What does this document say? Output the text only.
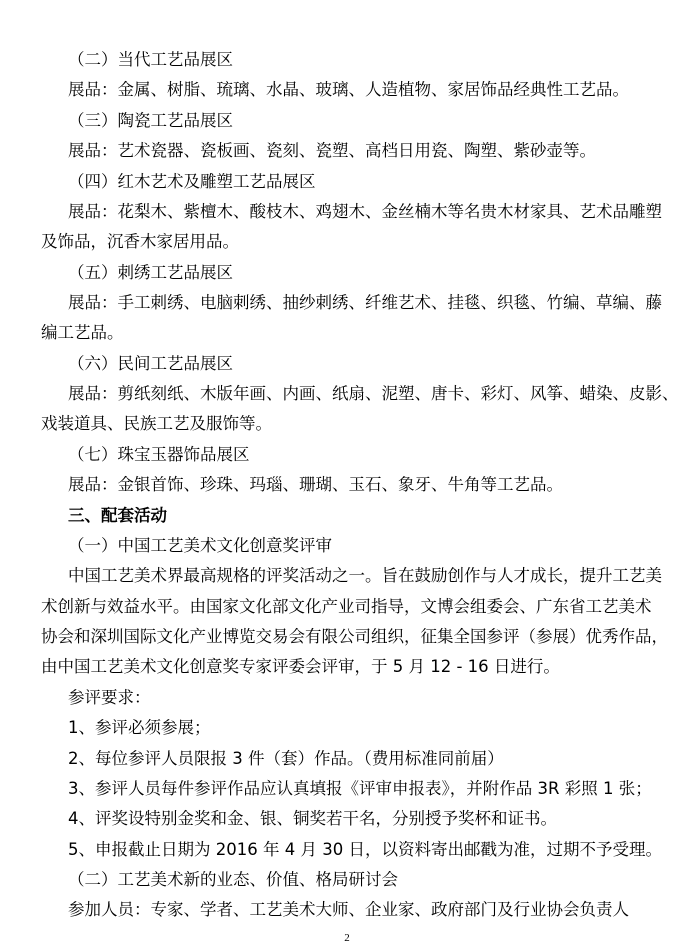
（二）当代工艺品展区
展品：金属、树脂、琉璃、水晶、玻璃、人造植物、家居饰品经典性工艺品。
（三）陶瓷工艺品展区
展品：艺术瓷器、瓷板画、瓷刻、瓷塑、高档日用瓷、陶塑、紫砂壶等。
（四）红木艺术及雕塑工艺品展区
展品：花梨木、紫檀木、酸枝木、鸡翅木、金丝楠木等名贵木材家具、艺术品雕塑
及饰品，沉香木家居用品。
（五）刺绣工艺品展区
展品：手工刺绣、电脑刺绣、抽纱刺绣、纤维艺术、挂毯、织毯、竹编、草编、藤
编工艺品。
（六）民间工艺品展区
展品：剪纸刻纸、木版年画、内画、纸扇、泥塑、唐卡、彩灯、风筝、蜡染、皮影、
戏装道具、民族工艺及服饰等。
（七）珠宝玉器饰品展区
展品：金银首饰、珍珠、玛瑙、珊瑚、玉石、象牙、牛角等工艺品。
三、配套活动
（一）中国工艺美术文化创意奖评审
中国工艺美术界最高规格的评奖活动之一。旨在鼓励创作与人才成长，提升工艺美
术创新与效益水平。由国家文化部文化产业司指导，文博会组委会、广东省工艺美术
协会和深圳国际文化产业博览交易会有限公司组织，征集全国参评（参展）优秀作品，
由中国工艺美术文化创意奖专家评委会评审，于 5 月 12 - 16 日进行。
参评要求：
1、参评必须参展；
2、每位参评人员限报 3 件（套）作品。（费用标准同前届）
3、参评人员每件参评作品应认真填报《评审申报表》，并附作品 3R 彩照 1 张；
4、评奖设特别金奖和金、银、铜奖若干名，分别授予奖杯和证书。
5、申报截止日期为 2016 年 4 月 30 日，以资料寄出邮戳为准，过期不予受理。
（二）工艺美术新的业态、价值、格局研讨会
参加人员：专家、学者、工艺美术大师、企业家、政府部门及行业协会负责人
2
